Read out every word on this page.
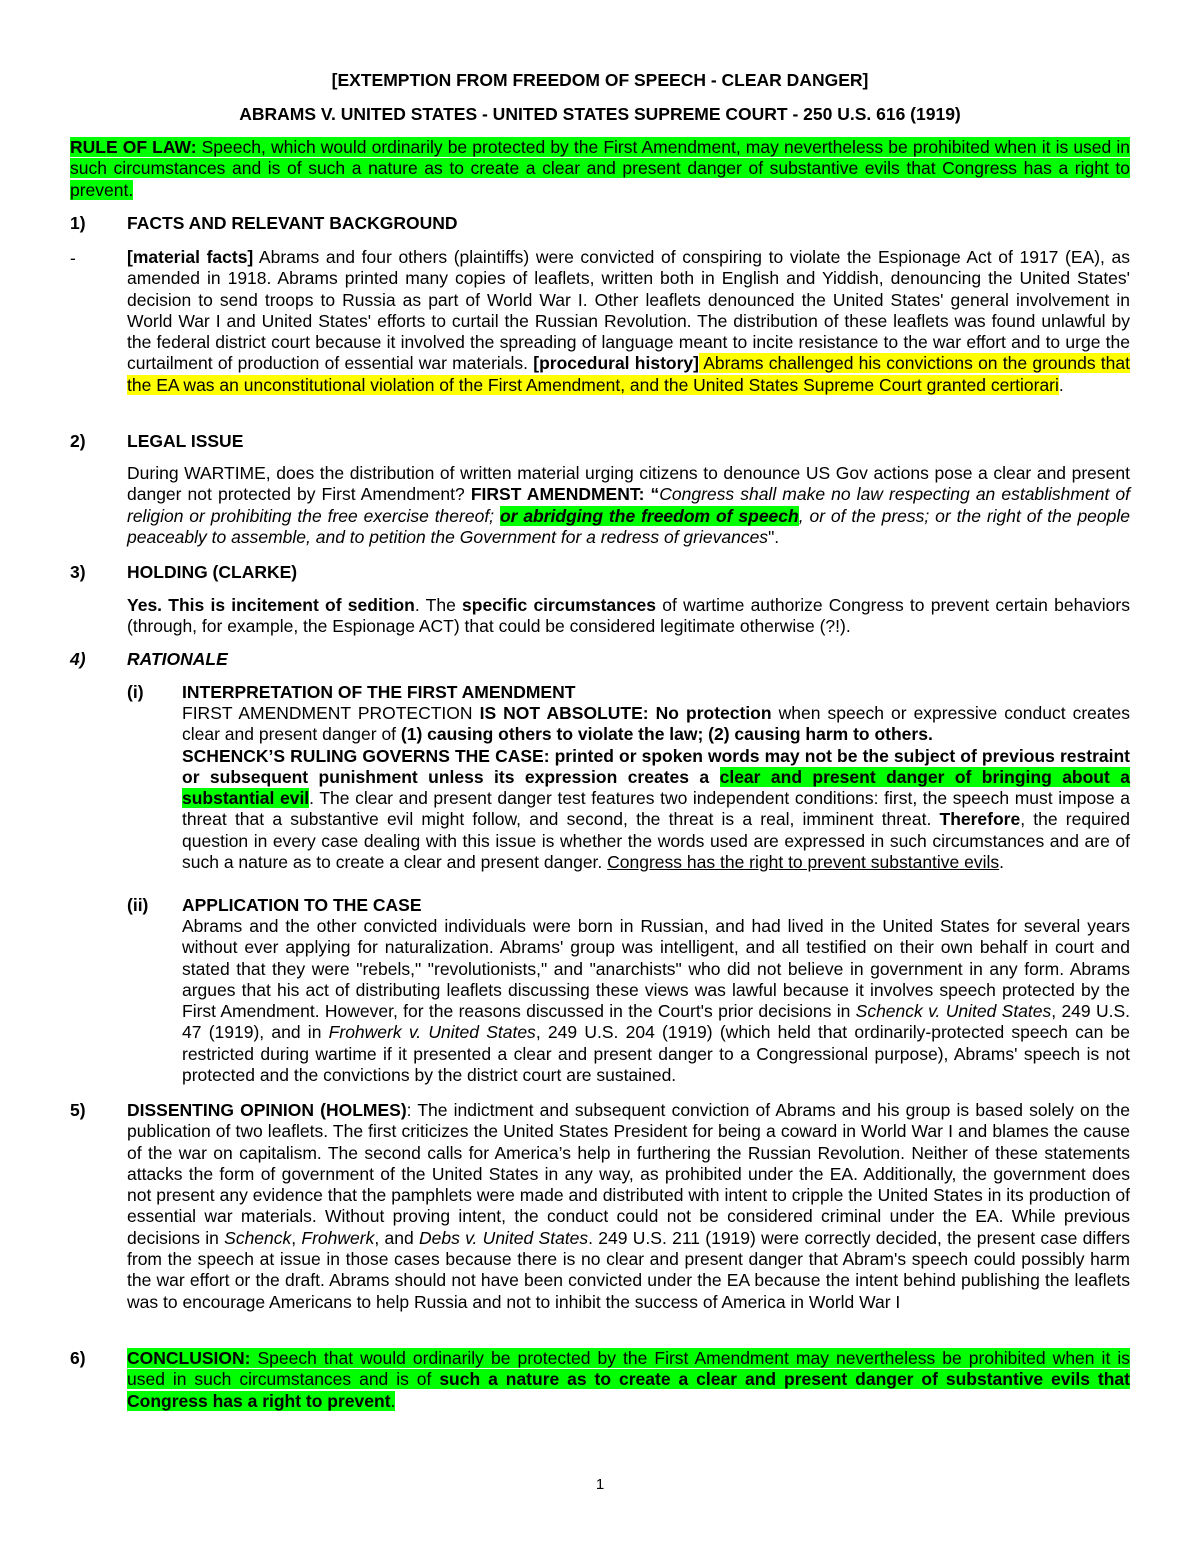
[EXTEMPTION FROM FREEDOM OF SPEECH - CLEAR DANGER]
ABRAMS V. UNITED STATES - UNITED STATES SUPREME COURT - 250 U.S. 616 (1919)

RULE OF LAW: Speech, which would ordinarily be protected by the First Amendment, may nevertheless be prohibited when it is used in such circumstances and is of such a nature as to create a clear and present danger of substantive evils that Congress has a right to prevent.

1) FACTS AND RELEVANT BACKGROUND
-	[material facts] Abrams and four others (plaintiffs) were convicted of conspiring to violate the Espionage Act of 1917 (EA), as amended in 1918. Abrams printed many copies of leaflets, written both in English and Yiddish, denouncing the United States' decision to send troops to Russia as part of World War I. Other leaflets denounced the United States' general involvement in World War I and United States' efforts to curtail the Russian Revolution. The distribution of these leaflets was found unlawful by the federal district court because it involved the spreading of language meant to incite resistance to the war effort and to urge the curtailment of production of essential war materials. [procedural history] Abrams challenged his convictions on the grounds that the EA was an unconstitutional violation of the First Amendment, and the United States Supreme Court granted certiorari.

2) LEGAL ISSUE

During WARTIME, does the distribution of written material urging citizens to denounce US Gov actions pose a clear and present danger not protected by First Amendment? FIRST AMENDMENT: “Congress shall make no law respecting an establishment of religion or prohibiting the free exercise thereof; or abridging the freedom of speech, or of the press; or the right of the people peaceably to assemble, and to petition the Government for a redress of grievances".

3) HOLDING (CLARKE)

Yes. This is incitement of sedition. The specific circumstances of wartime authorize Congress to prevent certain behaviors (through, for example, the Espionage ACT) that could be considered legitimate otherwise (?!).

4) RATIONALE
(i) INTERPRETATION OF THE FIRST AMENDMENT

FIRST AMENDMENT PROTECTION IS NOT ABSOLUTE: No protection when speech or expressive conduct creates clear and present danger of (1) causing others to violate the law; (2) causing harm to others.
SCHENCK’S RULING GOVERNS THE CASE: printed or spoken words may not be the subject of previous restraint or subsequent punishment unless its expression creates a clear and present danger of bringing about a substantial evil. The clear and present danger test features two independent conditions: first, the speech must impose a threat that a substantive evil might follow, and second, the threat is a real, imminent threat. Therefore, the required question in every case dealing with this issue is whether the words used are expressed in such circumstances and are of such a nature as to create a clear and present danger. Congress has the right to prevent substantive evils.

(ii) APPLICATION TO THE CASE

Abrams and the other convicted individuals were born in Russian, and had lived in the United States for several years without ever applying for naturalization. Abrams' group was intelligent, and all testified on their own behalf in court and stated that they were "rebels," "revolutionists," and "anarchists" who did not believe in government in any form. Abrams argues that his act of distributing leaflets discussing these views was lawful because it involves speech protected by the First Amendment. However, for the reasons discussed in the Court's prior decisions in Schenck v. United States, 249 U.S. 47 (1919), and in Frohwerk v. United States, 249 U.S. 204 (1919) (which held that ordinarily-protected speech can be restricted during wartime if it presented a clear and present danger to a Congressional purpose), Abrams' speech is not protected and the convictions by the district court are sustained.

DISSENTING OPINION (HOLMES): The indictment and subsequent conviction of Abrams and his group is based solely on the publication of two leaflets. The first criticizes the United States President for being a coward in World War I and blames the cause of the war on capitalism. The second calls for America’s help in furthering the Russian Revolution. Neither of these statements attacks the form of government of the United States in any way, as prohibited under the EA. Additionally, the government does not present any evidence that the pamphlets were made and distributed with intent to cripple the United States in its production of essential war materials. Without proving intent, the conduct could not be considered criminal under the EA. While previous decisions in Schenck, Frohwerk, and Debs v. United States. 249 U.S. 211 (1919) were correctly decided, the present case differs from the speech at issue in those cases because there is no clear and present danger that Abram's speech could possibly harm the war effort or the draft. Abrams should not have been convicted under the EA because the intent behind publishing the leaflets was to encourage Americans to help Russia and not to inhibit the success of America in World War I

5)
6) CONCLUSION: Speech that would ordinarily be protected by the First Amendment may nevertheless be prohibited when it is used in such circumstances and is of such a nature as to create a clear and present danger of substantive evils that Congress has a right to prevent.

1
